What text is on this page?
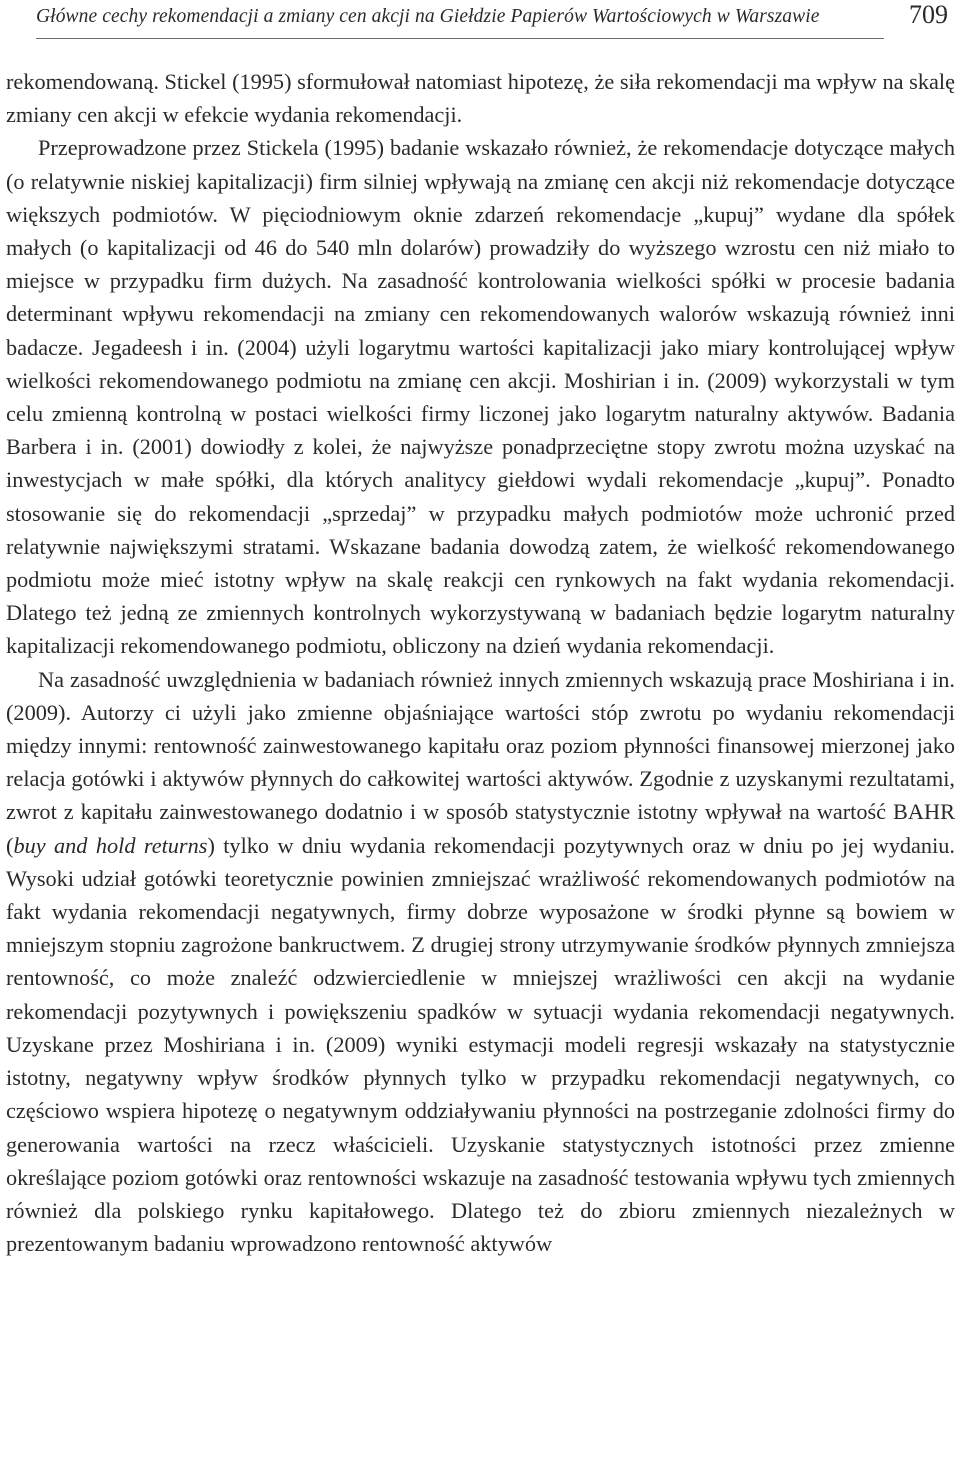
Główne cechy rekomendacji a zmiany cen akcji na Giełdzie Papierów Wartościowych w Warszawie	709

rekomendowaną. Stickel (1995) sformułował natomiast hipotezę, że siła rekomendacji ma wpływ na skalę zmiany cen akcji w efekcie wydania rekomendacji.

Przeprowadzone przez Stickela (1995) badanie wskazało również, że rekomendacje dotyczące małych (o relatywnie niskiej kapitalizacji) firm silniej wpływają na zmianę cen akcji niż rekomendacje dotyczące większych podmiotów. W pięciodniowym oknie zdarzeń rekomendacje „kupuj” wydane dla spółek małych (o kapitalizacji od 46 do 540 mln dolarów) prowadziły do wyższego wzrostu cen niż miało to miejsce w przypadku firm dużych. Na zasadność kontrolowania wielkości spółki w procesie badania determinant wpływu rekomendacji na zmiany cen rekomendowanych walorów wskazują również inni badacze. Jegadeesh i in. (2004) użyli logarytmu wartości kapitalizacji jako miary kontrolującej wpływ wielkości rekomendowanego podmiotu na zmianę cen akcji. Moshirian i in. (2009) wykorzystali w tym celu zmienną kontrolną w postaci wielkości firmy liczonej jako logarytm naturalny aktywów. Badania Barbera i in. (2001) dowiodły z kolei, że najwyższe ponadprzeciętne stopy zwrotu można uzyskać na inwestycjach w małe spółki, dla których analitycy giełdowi wydali rekomendacje „kupuj”. Ponadto stosowanie się do rekomendacji „sprzedaj” w przypadku małych podmiotów może uchronić przed relatywnie największymi stratami. Wskazane badania dowodzą zatem, że wielkość rekomendowanego podmiotu może mieć istotny wpływ na skalę reakcji cen rynkowych na fakt wydania rekomendacji. Dlatego też jedną ze zmiennych kontrolnych wykorzystywaną w badaniach będzie logarytm naturalny kapitalizacji rekomendowanego podmiotu, obliczony na dzień wydania rekomendacji.

Na zasadność uwzględnienia w badaniach również innych zmiennych wskazują prace Moshiriana i in. (2009). Autorzy ci użyli jako zmienne objaśniające wartości stóp zwrotu po wydaniu rekomendacji między innymi: rentowność zainwestowanego kapitału oraz poziom płynności finansowej mierzonej jako relacja gotówki i aktywów płynnych do całkowitej wartości aktywów. Zgodnie z uzyskanymi rezultatami, zwrot z kapitału zainwestowanego dodatnio i w sposób statystycznie istotny wpływał na wartość BAHR (buy and hold returns) tylko w dniu wydania rekomendacji pozytywnych oraz w dniu po jej wydaniu. Wysoki udział gotówki teoretycznie powinien zmniejszać wrażliwość rekomendowanych podmiotów na fakt wydania rekomendacji negatywnych, firmy dobrze wyposażone w środki płynne są bowiem w mniejszym stopniu zagrożone bankructwem. Z drugiej strony utrzymywanie środków płynnych zmniejsza rentowność, co może znaleźć odzwierciedlenie w mniejszej wrażliwości cen akcji na wydanie rekomendacji pozytywnych i powiększeniu spadków w sytuacji wydania rekomendacji negatywnych. Uzyskane przez Moshiriana i in. (2009) wyniki estymacji modeli regresji wskazały na statystycznie istotny, negatywny wpływ środków płynnych tylko w przypadku rekomendacji negatywnych, co częściowo wspiera hipotezę o negatywnym oddziaływaniu płynności na postrzeganie zdolności firmy do generowania wartości na rzecz właścicieli. Uzyskanie statystycznych istotności przez zmienne określające poziom gotówki oraz rentowności wskazuje na zasadność testowania wpływu tych zmiennych również dla polskiego rynku kapitałowego. Dlatego też do zbioru zmiennych niezależnych w prezentowanym badaniu wprowadzono rentowność aktywów
